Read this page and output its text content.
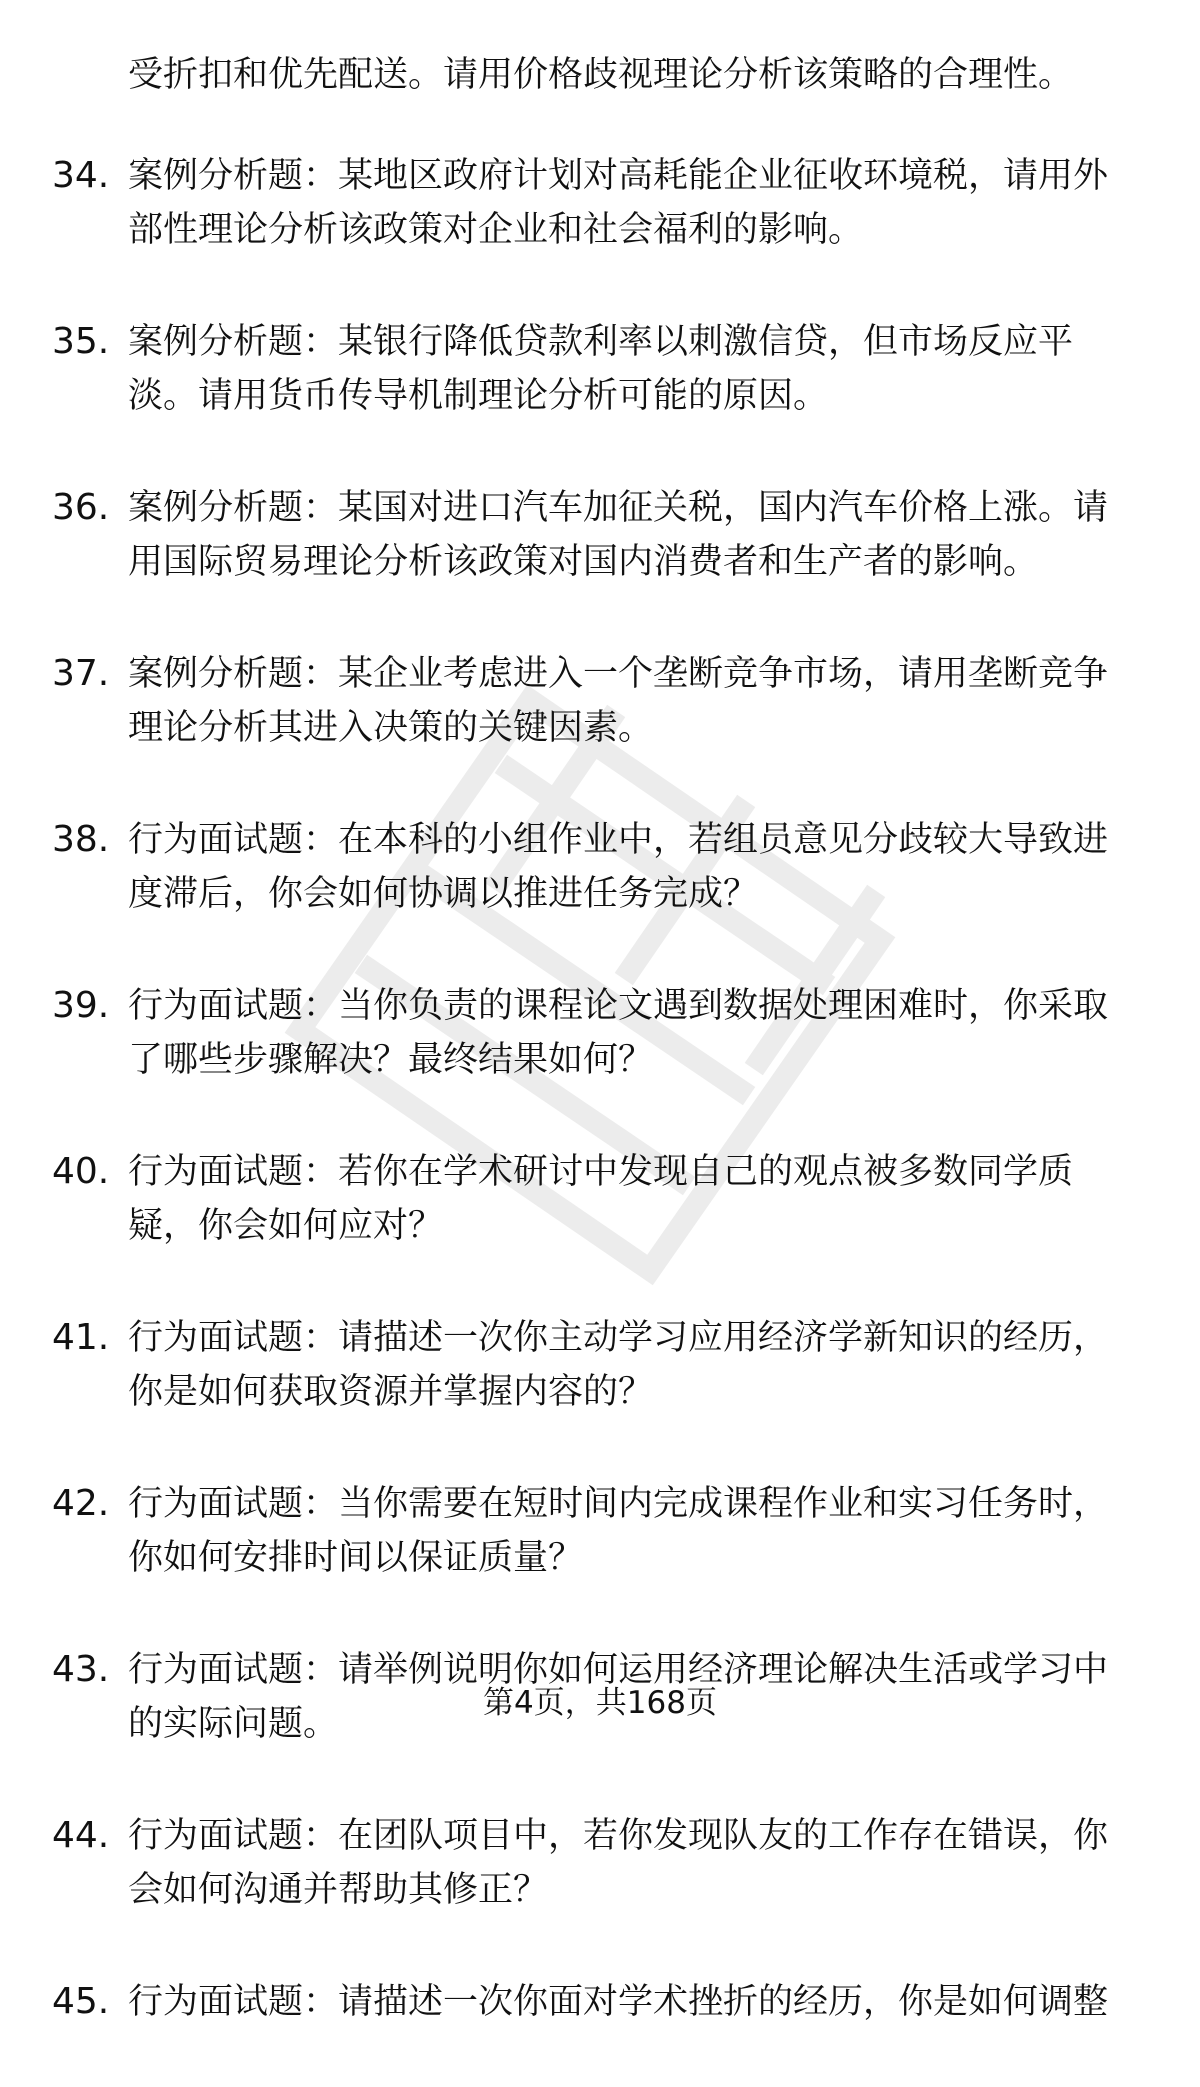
受折扣和优先配送。请用价格歧视理论分析该策略的合理性。
34. 案例分析题：某地区政府计划对高耗能企业征收环境税，请用外
部性理论分析该政策对企业和社会福利的影响。
35. 案例分析题：某银行降低贷款利率以刺激信贷，但市场反应平
淡。请用货币传导机制理论分析可能的原因。
36. 案例分析题：某国对进口汽车加征关税，国内汽车价格上涨。请
用国际贸易理论分析该政策对国内消费者和生产者的影响。
37. 案例分析题：某企业考虑进入一个垄断竞争市场，请用垄断竞争
理论分析其进入决策的关键因素。
38. 行为面试题：在本科的小组作业中，若组员意见分歧较大导致进
度滞后，你会如何协调以推进任务完成？
39. 行为面试题：当你负责的课程论文遇到数据处理困难时，你采取
了哪些步骤解决？最终结果如何？
40. 行为面试题：若你在学术研讨中发现自己的观点被多数同学质
疑，你会如何应对？
41. 行为面试题：请描述一次你主动学习应用经济学新知识的经历，
你是如何获取资源并掌握内容的？
42. 行为面试题：当你需要在短时间内完成课程作业和实习任务时，
你如何安排时间以保证质量？
43. 行为面试题：请举例说明你如何运用经济理论解决生活或学习中
的实际问题。
44. 行为面试题：在团队项目中，若你发现队友的工作存在错误，你
会如何沟通并帮助其修正？
45. 行为面试题：请描述一次你面对学术挫折的经历，你是如何调整
第4页，共168页
